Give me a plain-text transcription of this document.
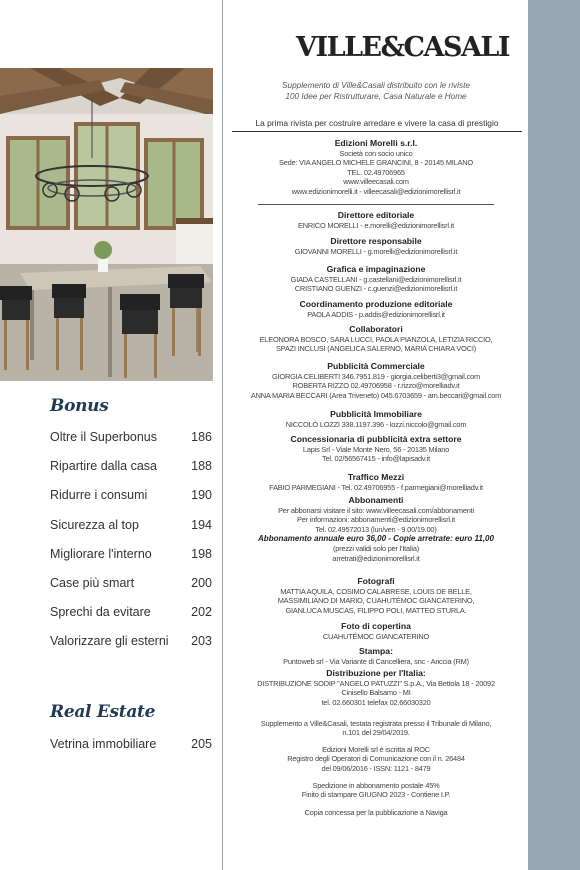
Bonus
Oltre il Superbonus	186
Ripartire dalla casa	188
Ridurre i consumi	190
Sicurezza al top	194
Migliorare l'interno	198
Case più smart	200
Sprechi da evitare	202
Valorizzare gli esterni 203
Real Estate
Vetrina immobiliare	205
VILLE&CASALI
Supplemento di Ville&Casali distribuito con le riviste
100 Idee per Ristrutturare, Casa Naturale e Home
La prima rivista per costruire arredare e vivere la casa di prestigio
Edizioni Morelli s.r.l.
Società con socio unico
Sede: VIA ANGELO MICHELE GRANCINI, 8 - 20145 MILANO
TEL. 02.49706965
www.villeecasali.com
www.edizionimorelli.it - villeecasali@edizionimorellisrl.it
Direttore editoriale
ENRICO MORELLI - e.morelli@edizionimorellisrl.it
Direttore responsabile
GIOVANNI MORELLI - g.morelli@edizionimorellisrl.it
Grafica e impaginazione
GIADA CASTELLANI - g.castellani@edizionimorellisrl.it
CRISTIANO GUENZI - c.guenzi@edizionimorellisrl.it
Coordinamento produzione editoriale
PAOLA ADDIS - p.addis@edizionimorellisrl.it
Collaboratori
ELEONORA BOSCO, SARA LUCCI, PAOLA PIANZOLA, LETIZIA RICCIO,
SPAZI INCLUSI (ANGELICA SALERNO, MARIA CHIARA VOCI)
Pubblicità Commerciale
GIORGIA CELIBERTI 346.7951.819 - giorgia.celiberti3@gmail.com
ROBERTA RIZZO 02.49706958 - r.rizzo@morelliadv.it
ANNA MARIA BECCARI (Area Triveneto) 045.6703659 - am.beccari@gmail.com
Pubblicità Immobiliare
NICCOLÒ LOZZI 338.1197.396 - lozzi.niccolo@gmail.com
Concessionaria di pubblicità extra settore
Lapis Srl - Viale Monte Nero, 56 - 20135 Milano
Tel. 02/56567415 - info@lapisadv.it
Traffico Mezzi
FABIO PARMEGIANI - Tel. 02.49706955 - f.parmegiani@morelliadv.it
Abbonamenti
Per abbonarsi visitare il sito: www.villeecasali.com/abbonamenti
Per informazioni: abbonamenti@edizionimorellisrl.it
Tel. 02.49572013 (lun/ven - 9.00/19.00)
Abbonamento annuale euro 36,00 - Copie arretrate: euro 11,00
(prezzi validi solo per l'Italia)
arretrati@edizionimorellisrl.it
Fotografi
MATTIA AQUILA, COSIMO CALABRESE, LOUIS DE BELLE,
MASSIMILIANO DI MARIO, CUAHUTÉMOC GIANCATERINO,
GIANLUCA MUSCAS, FILIPPO POLI, MATTEO STURLA.
Foto di copertina
CUAHUTÉMOC GIANCATERINO
Stampa:
Puntoweb srl - Via Variante di Cancelliera, snc - Ariccia (RM)
Distribuzione per l'Italia:
DISTRIBUZIONE SODIP "ANGELO PATUZZI" S.p.A., Via Bettola 18 - 20092
Cinisello Balsamo - MI
tel. 02.660301 telefax 02.66030320
Supplemento a Ville&Casali, testata registrata presso il Tribunale di Milano,
n.101 del 29/04/2019.
Edizioni Morelli srl è iscritta al ROC
Registro degli Operatori di Comunicazione con il n. 26484
del 09/06/2016 - ISSN: 1121 - 8479
Spedizione in abbonamento postale 45%
Finito di stampare GIUGNO 2023 - Contiene I.P.
Copia concessa per la pubblicazione a Naviga
